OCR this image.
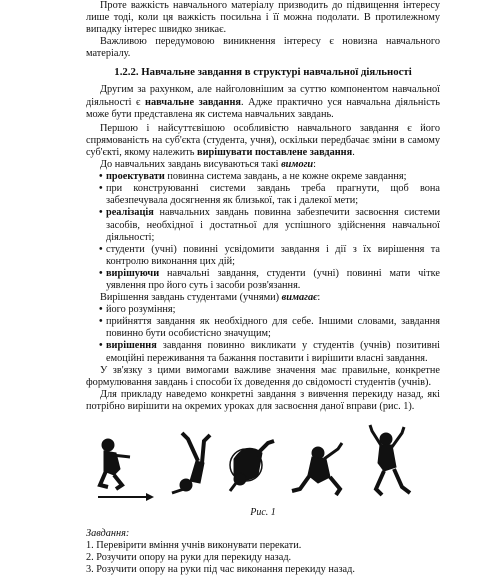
Проте важкість навчального матеріалу призводить до підвищення інтересу лише тоді, коли ця важкість посильна і її можна подолати. В протилежному випадку інтерес швидко зникає.

Важливою передумовою виникнення інтересу є новизна навчального матеріалу.

1.2.2. Навчальне завдання в структурі навчальної діяльності

Другим за рахунком, але найголовнішим за суттю компонентом навчальної діяльності є навчальне завдання. Адже практично уся навчальна діяльність може бути представлена як система навчальних завдань.

Першою і найсуттєвішою особливістю навчального завдання є його спрямованість на суб'єкта (студента, учня), оскільки передбачає зміни в самому суб'єкті, якому належить вирішувати поставлене завдання.

До навчальних завдань висуваються такі вимоги:

• проектувати повинна система завдань, а не кожне окреме завдання;

• при конструюванні системи завдань треба прагнути, щоб вона забезпечувала досягнення як близької, так і далекої мети;

• реалізація навчальних завдань повинна забезпечити засвоєння системи засобів, необхідної і достатньої для успішного здійснення навчальної діяльності;

• студенти (учні) повинні усвідомити завдання і дії з їх вирішення та контролю виконання цих дій;

• вирішуючи навчальні завдання, студенти (учні) повинні мати чітке уявлення про його суть і засоби розв'язання.

Вирішення завдань студентами (учнями) вимагає:

• його розуміння;

• прийняття завдання як необхідного для себе. Іншими словами, завдання повинно бути особистісно значущим;

• вирішення завдання повинно викликати у студентів (учнів) позитивні емоційні переживання та бажання поставити і вирішити власні завдання.

У зв'язку з цими вимогами важливе значення має правильне, конкретне формулювання завдань і способи їх доведення до свідомості студентів (учнів).

Для прикладу наведемо конкретні завдання з вивчення перекиду назад, які потрібно вирішити на окремих уроках для засвоєння даної вправи (рис. 1).

Рис. 1

Завдання:

1. Перевірити вміння учнів виконувати перекати.

2. Розучити опору на руки для перекиду назад.

3. Розучити опору на руки під час виконання перекиду назад.
